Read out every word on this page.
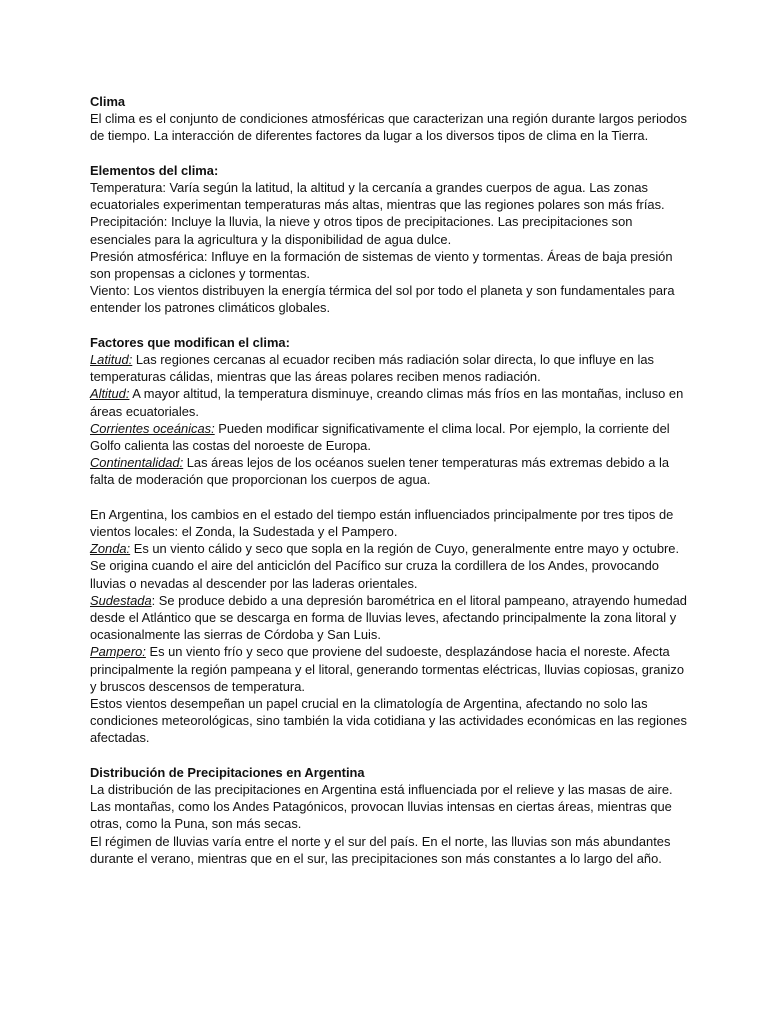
Clima
El clima es el conjunto de condiciones atmosféricas que caracterizan una región durante largos periodos de tiempo. La interacción de diferentes factores da lugar a los diversos tipos de clima en la Tierra.
Elementos del clima:
Temperatura: Varía según la latitud, la altitud y la cercanía a grandes cuerpos de agua. Las zonas ecuatoriales experimentan temperaturas más altas, mientras que las regiones polares son más frías.
Precipitación: Incluye la lluvia, la nieve y otros tipos de precipitaciones. Las precipitaciones son esenciales para la agricultura y la disponibilidad de agua dulce.
Presión atmosférica: Influye en la formación de sistemas de viento y tormentas. Áreas de baja presión son propensas a ciclones y tormentas.
Viento: Los vientos distribuyen la energía térmica del sol por todo el planeta y son fundamentales para entender los patrones climáticos globales.
Factores que modifican el clima:
Latitud: Las regiones cercanas al ecuador reciben más radiación solar directa, lo que influye en las temperaturas cálidas, mientras que las áreas polares reciben menos radiación.
Altitud: A mayor altitud, la temperatura disminuye, creando climas más fríos en las montañas, incluso en áreas ecuatoriales.
Corrientes oceánicas: Pueden modificar significativamente el clima local. Por ejemplo, la corriente del Golfo calienta las costas del noroeste de Europa.
Continentalidad: Las áreas lejos de los océanos suelen tener temperaturas más extremas debido a la falta de moderación que proporcionan los cuerpos de agua.
En Argentina, los cambios en el estado del tiempo están influenciados principalmente por tres tipos de vientos locales: el Zonda, la Sudestada y el Pampero.
Zonda: Es un viento cálido y seco que sopla en la región de Cuyo, generalmente entre mayo y octubre. Se origina cuando el aire del anticiclón del Pacífico sur cruza la cordillera de los Andes, provocando lluvias o nevadas al descender por las laderas orientales.
Sudestada: Se produce debido a una depresión barométrica en el litoral pampeano, atrayendo humedad desde el Atlántico que se descarga en forma de lluvias leves, afectando principalmente la zona litoral y ocasionalmente las sierras de Córdoba y San Luis.
Pampero: Es un viento frío y seco que proviene del sudoeste, desplazándose hacia el noreste. Afecta principalmente la región pampeana y el litoral, generando tormentas eléctricas, lluvias copiosas, granizo y bruscos descensos de temperatura.
Estos vientos desempeñan un papel crucial en la climatología de Argentina, afectando no solo las condiciones meteorológicas, sino también la vida cotidiana y las actividades económicas en las regiones afectadas.
Distribución de Precipitaciones en Argentina
La distribución de las precipitaciones en Argentina está influenciada por el relieve y las masas de aire. Las montañas, como los Andes Patagónicos, provocan lluvias intensas en ciertas áreas, mientras que otras, como la Puna, son más secas.
El régimen de lluvias varía entre el norte y el sur del país. En el norte, las lluvias son más abundantes durante el verano, mientras que en el sur, las precipitaciones son más constantes a lo largo del año.
